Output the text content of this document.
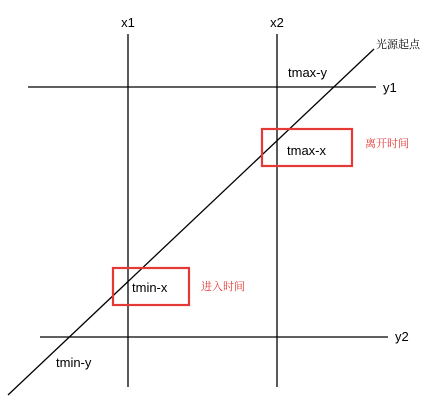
x1	x2
y1
y2
光源起点
tmax-y
tmax-x
tmin-x
tmin-y
离开时间
进入时间
